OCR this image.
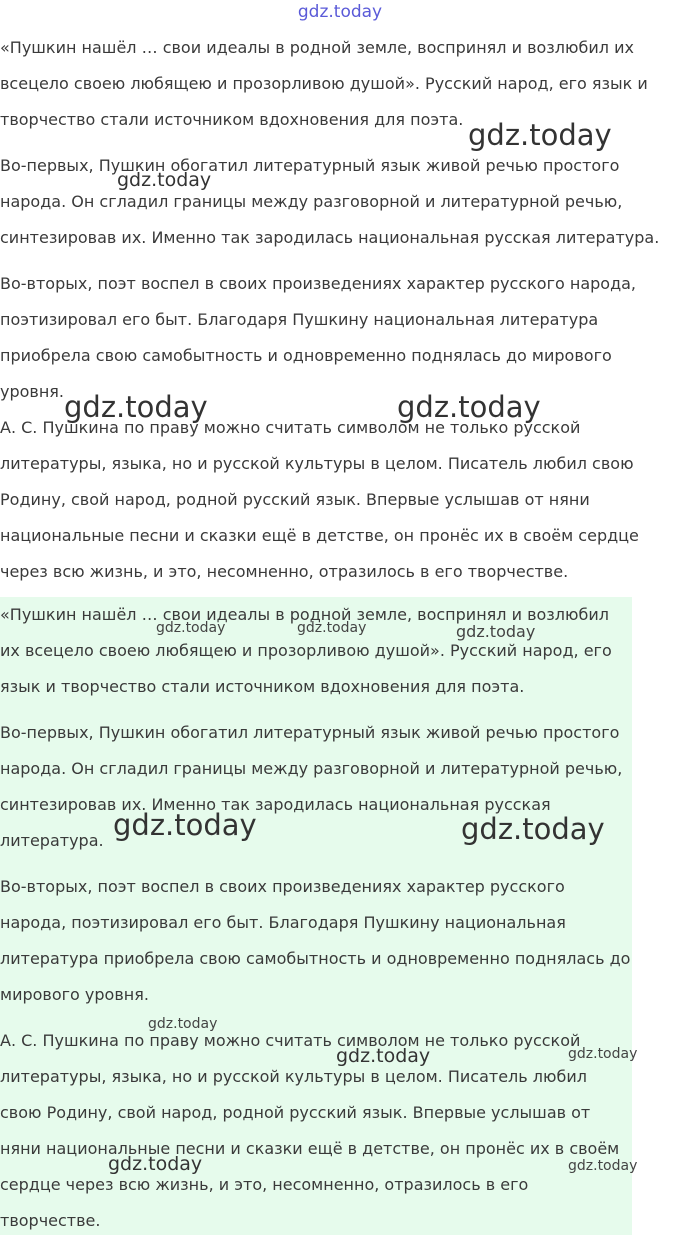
gdz.today

«Пушкин нашёл … свои идеалы в родной земле, воспринял и возлюбил их всецело своею любящею и прозорливою душой». Русский народ, его язык и творчество стали источником вдохновения для поэта.

Во-первых, Пушкин обогатил литературный язык живой речью простого народа. Он сгладил границы между разговорной и литературной речью, синтезировав их. Именно так зародилась национальная русская литература.

Во-вторых, поэт воспел в своих произведениях характер русского народа, поэтизировал его быт. Благодаря Пушкину национальная литература приобрела свою самобытность и одновременно поднялась до мирового уровня.

А. С. Пушкина по праву можно считать символом не только русской литературы, языка, но и русской культуры в целом. Писатель любил свою Родину, свой народ, родной русский язык. Впервые услышав от няни национальные песни и сказки ещё в детстве, он пронёс их в своём сердце через всю жизнь, и это, несомненно, отразилось в его творчестве.

«Пушкин нашёл … свои идеалы в родной земле, воспринял и возлюбил их всецело своею любящею и прозорливою душой». Русский народ, его язык и творчество стали источником вдохновения для поэта.

Во-первых, Пушкин обогатил литературный язык живой речью простого народа. Он сгладил границы между разговорной и литературной речью, синтезировав их. Именно так зародилась национальная русская литература.

Во-вторых, поэт воспел в своих произведениях характер русского народа, поэтизировал его быт. Благодаря Пушкину национальная литература приобрела свою самобытность и одновременно поднялась до мирового уровня.

А. С. Пушкина по праву можно считать символом не только русской литературы, языка, но и русской культуры в целом. Писатель любил свою Родину, свой народ, родной русский язык. Впервые услышав от няни национальные песни и сказки ещё в детстве, он пронёс их в своём сердце через всю жизнь, и это, несомненно, отразилось в его творчестве.

gdz.today
gdz.today
gdz.today	gdz.today
gdz.today	gdz.today	gdz.today
gdz.today	gdz.today
gdz.today
gdz.today	gdz.today
gdz.today	gdz.today
